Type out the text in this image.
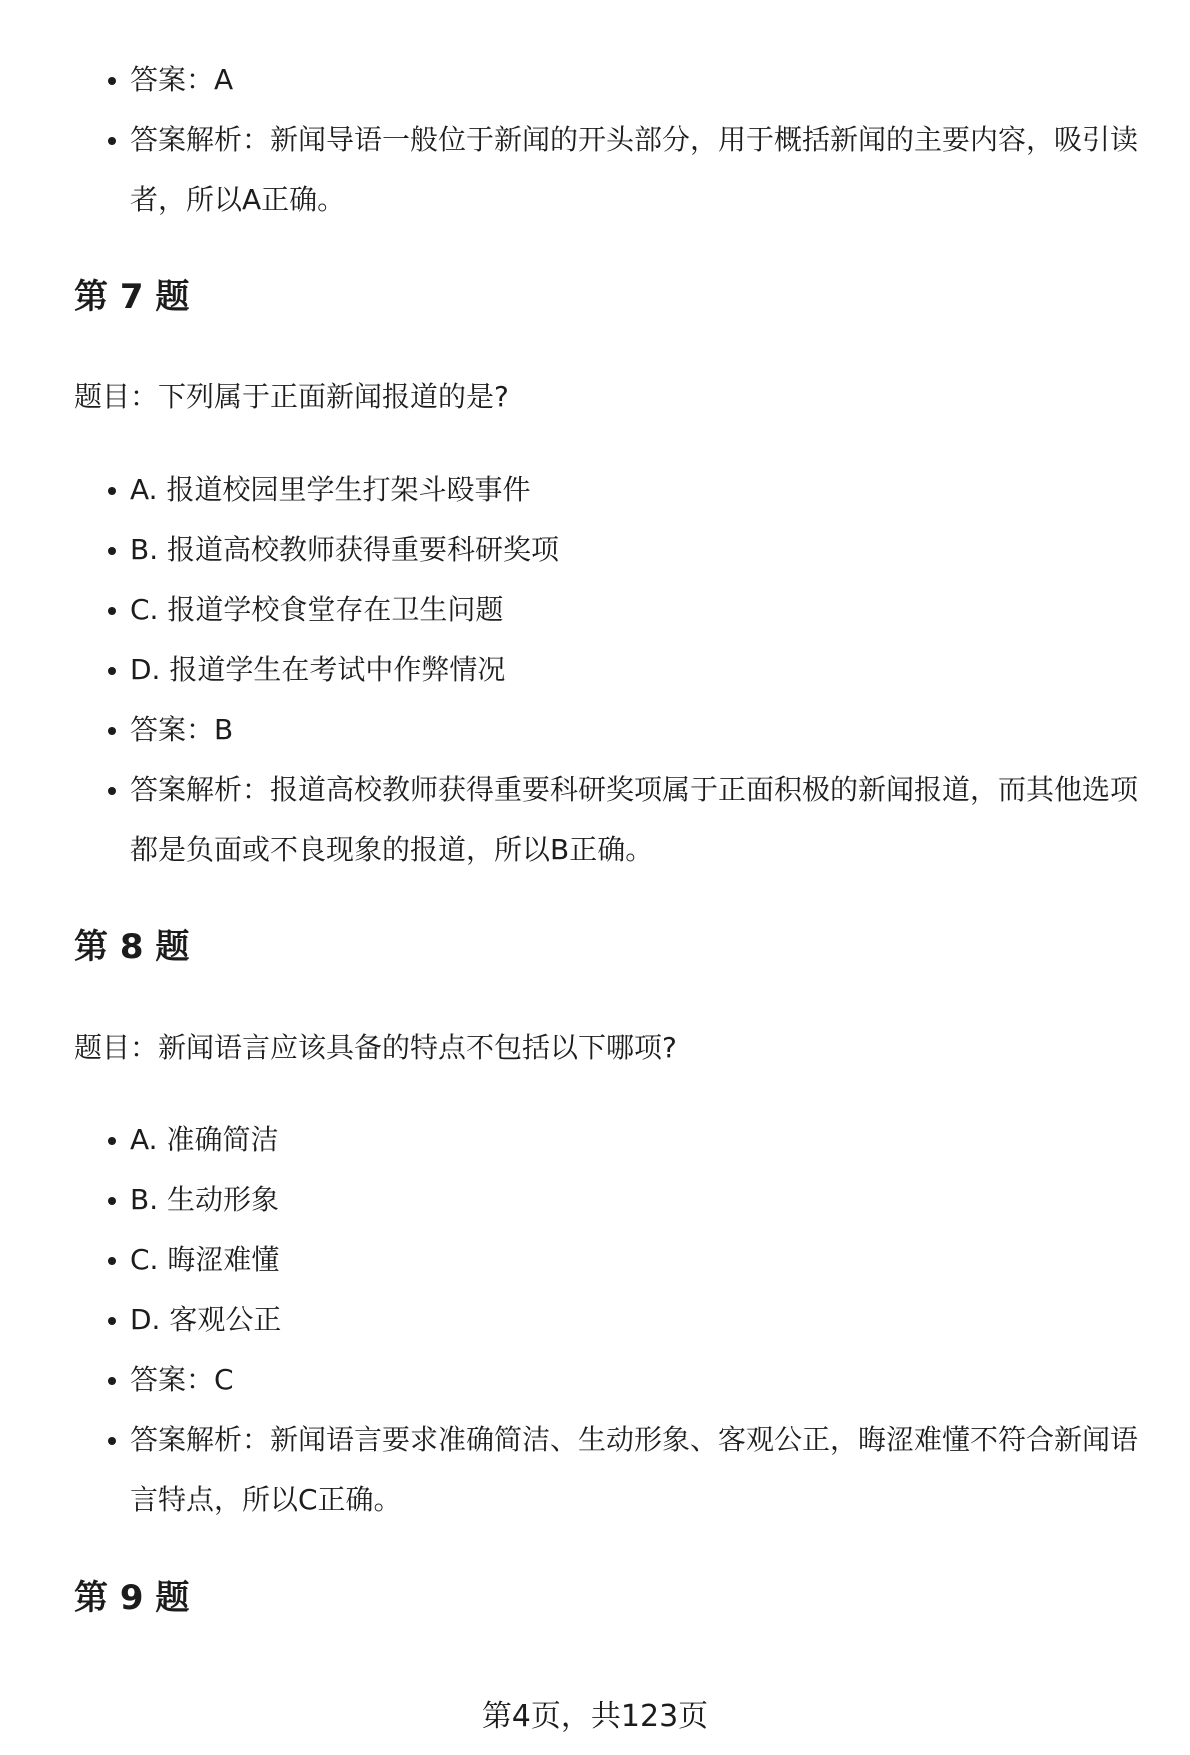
答案：A
答案解析：新闻导语一般位于新闻的开头部分，用于概括新闻的主要内容，吸引读者，所以A正确。
第 7 题

题目：下列属于正面新闻报道的是?

A. 报道校园里学生打架斗殴事件
B. 报道高校教师获得重要科研奖项
C. 报道学校食堂存在卫生问题
D. 报道学生在考试中作弊情况
答案：B
答案解析：报道高校教师获得重要科研奖项属于正面积极的新闻报道，而其他选项都是负面或不良现象的报道，所以B正确。
第 8 题

题目：新闻语言应该具备的特点不包括以下哪项?

A. 准确简洁
B. 生动形象
C. 晦涩难懂
D. 客观公正
答案：C
答案解析：新闻语言要求准确简洁、生动形象、客观公正，晦涩难懂不符合新闻语言特点，所以C正确。
第 9 题
第4页，共123页
